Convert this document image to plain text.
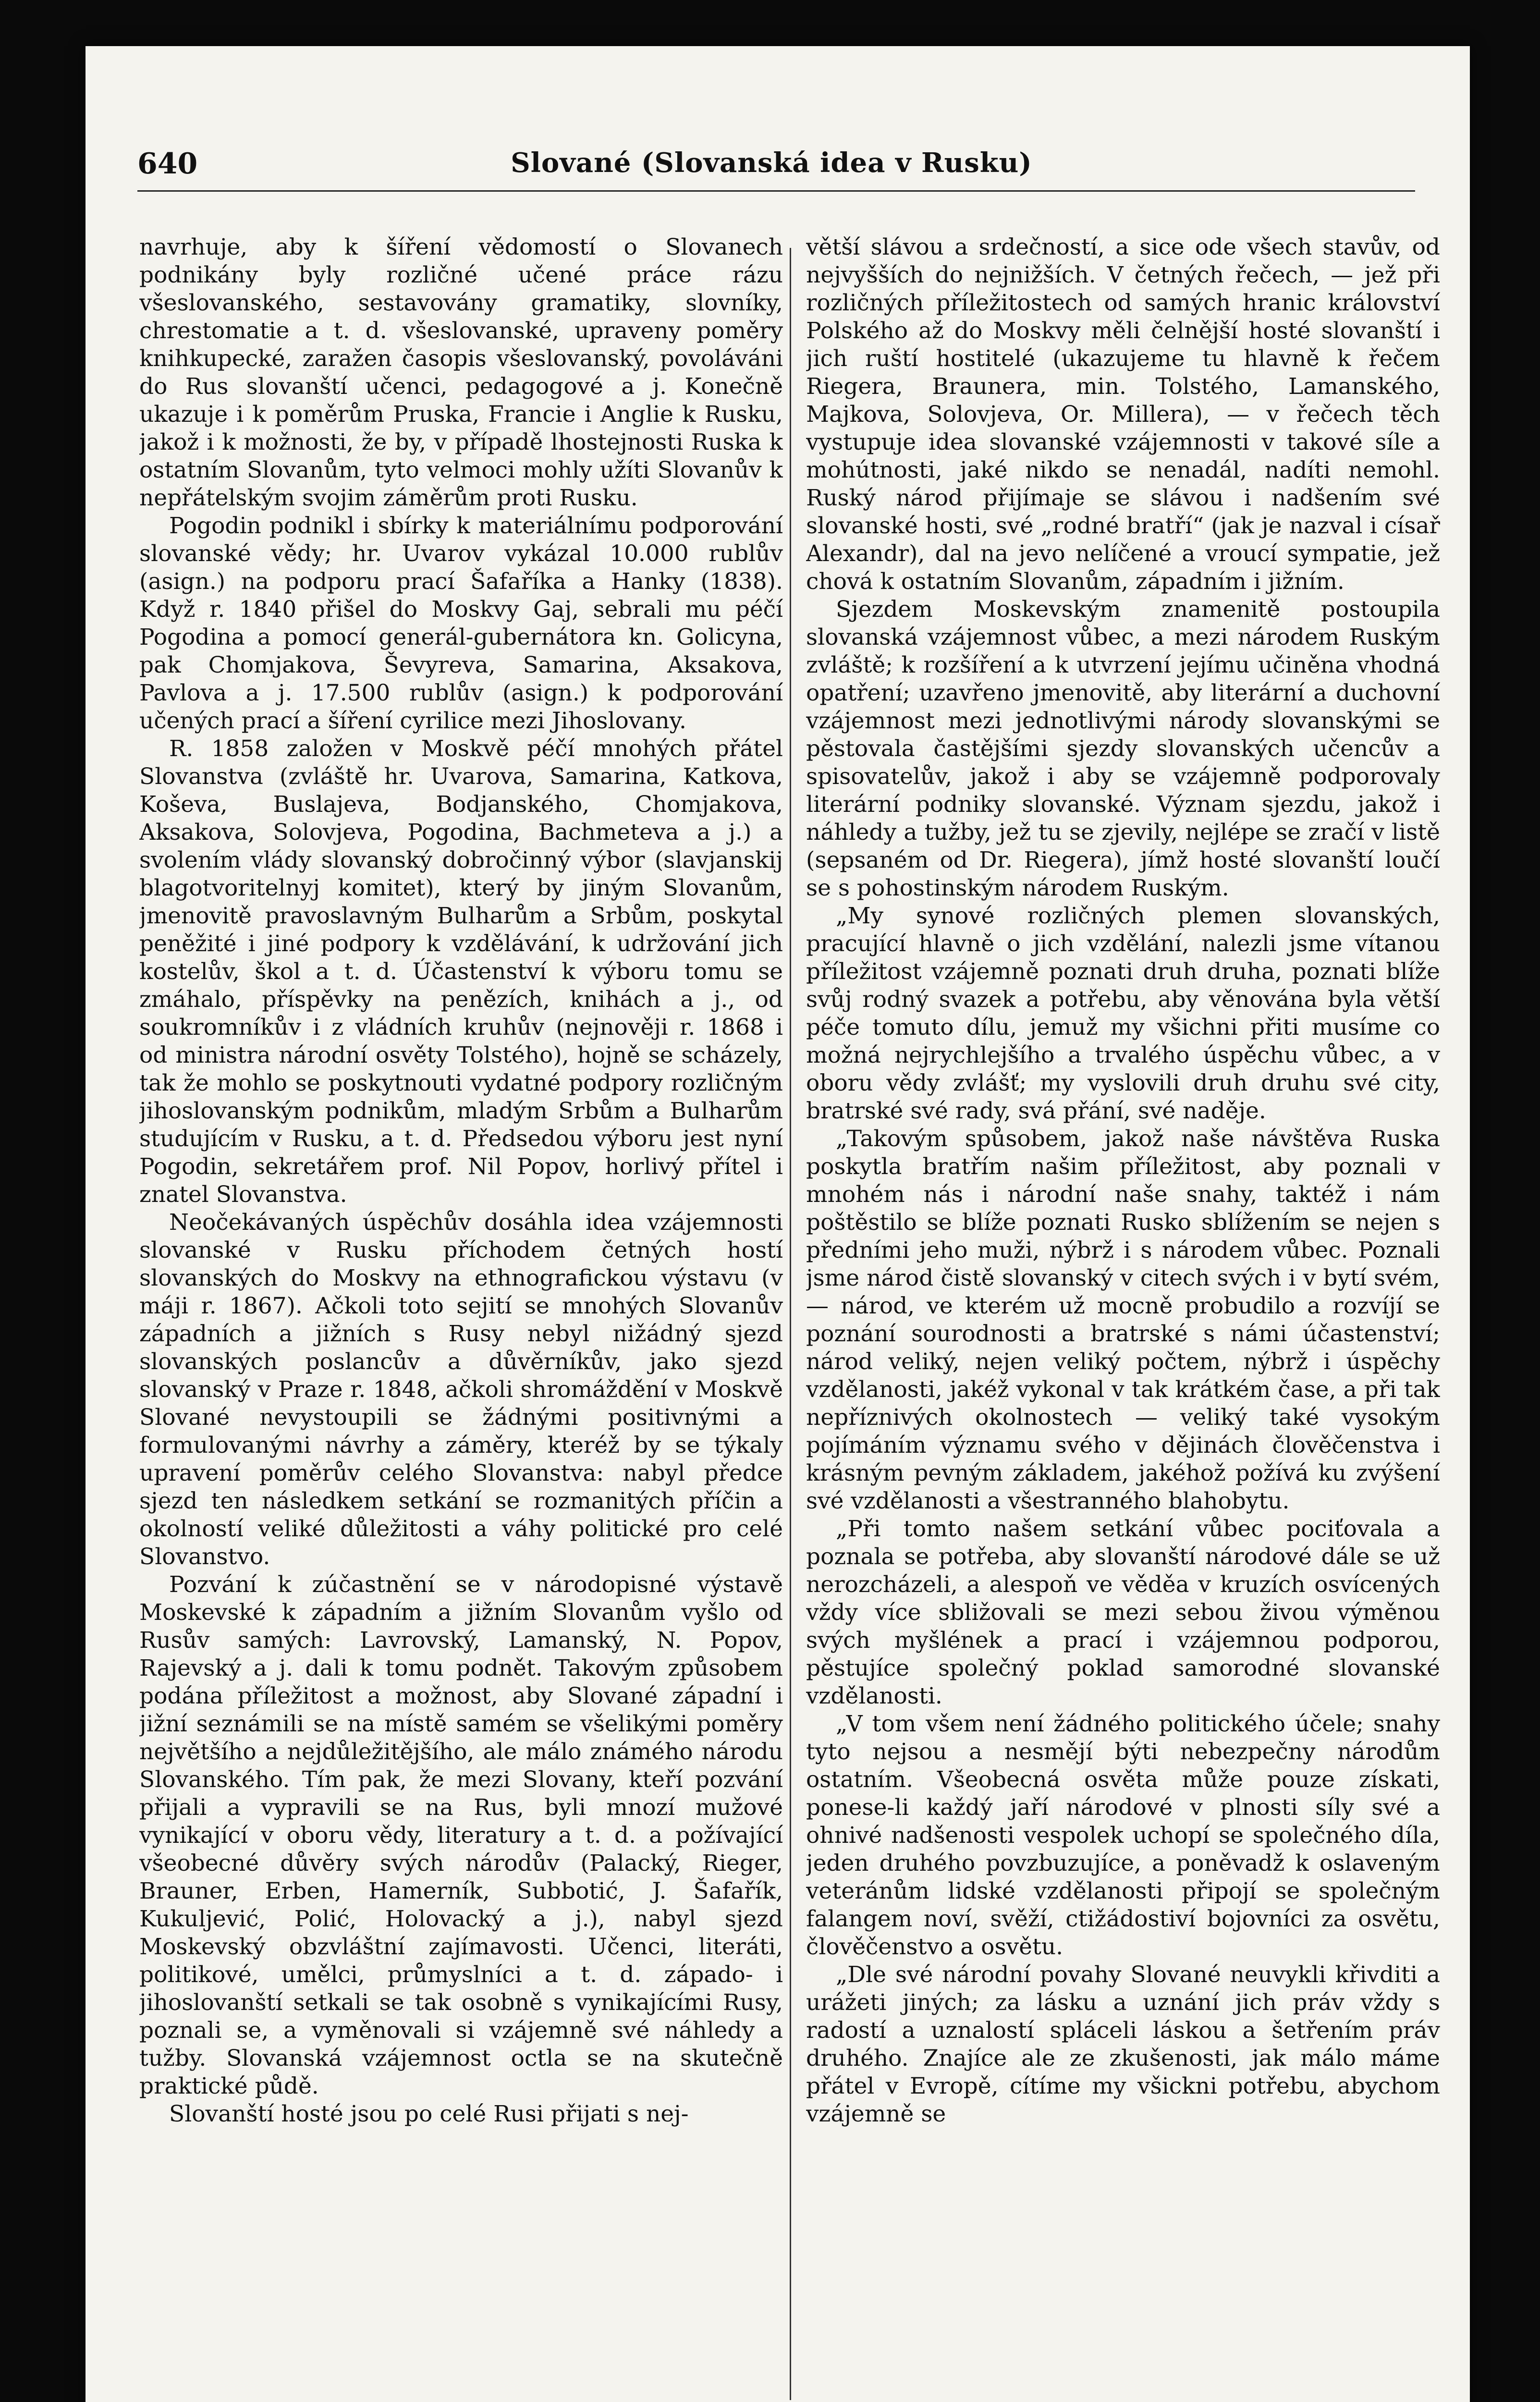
640	Slované (Slovanská idea v Rusku)

navrhuje, aby k šíření vědomostí o Slovanech podnikány byly rozličné učené práce rázu všeslovanského, sestavovány gramatiky, slovníky, chrestomatie a t. d. všeslovanské, upraveny poměry knihkupecké, zaražen časopis všeslovanský, povoláváni do Rus slovanští učenci, pedagogové a j. Konečně ukazuje i k poměrům Pruska, Francie i Anglie k Rusku, jakož i k možnosti, že by, v případě lhostejnosti Ruska k ostatním Slovanům, tyto velmoci mohly užíti Slovanův k nepřátelským svojim záměrům proti Rusku.

Pogodin podnikl i sbírky k materiálnímu podporování slovanské vědy; hr. Uvarov vykázal 10.000 rublův (asign.) na podporu prací Šafaříka a Hanky (1838). Když r. 1840 přišel do Moskvy Gaj, sebrali mu péčí Pogodina a pomocí generál-gubernátora kn. Golicyna, pak Chomjakova, Ševyreva, Samarina, Aksakova, Pavlova a j. 17.500 rublův (asign.) k podporování učených prací a šíření cyrilice mezi Jihoslovany.

R. 1858 založen v Moskvě péčí mnohých přátel Slovanstva (zvláště hr. Uvarova, Samarina, Katkova, Koševa, Buslajeva, Bodjanského, Chomjakova, Aksakova, Solovjeva, Pogodina, Bachmeteva a j.) a svolením vlády slovanský dobročinný výbor (slavjanskij blagotvoritelnyj komitet), který by jiným Slovanům, jmenovitě pravoslavným Bulharům a Srbům, poskytal peněžité i jiné podpory k vzdělávání, k udržování jich kostelův, škol a t. d. Účastenství k výboru tomu se zmáhalo, příspěvky na penězích, knihách a j., od soukromníkův i z vládních kruhův (nejnověji r. 1868 i od ministra národní osvěty Tolstého), hojně se scházely, tak že mohlo se poskytnouti vydatné podpory rozličným jihoslovanským podnikům, mladým Srbům a Bulharům studujícím v Rusku, a t. d. Předsedou výboru jest nyní Pogodin, sekretářem prof. Nil Popov, horlivý přítel i znatel Slovanstva.

Neočekávaných úspěchův dosáhla idea vzájemnosti slovanské v Rusku příchodem četných hostí slovanských do Moskvy na ethnografickou výstavu (v máji r. 1867). Ačkoli toto sejití se mnohých Slovanův západních a jižních s Rusy nebyl nižádný sjezd slovanských poslancův a důvěrníkův, jako sjezd slovanský v Praze r. 1848, ačkoli shromáždění v Moskvě Slované nevystoupili se žádnými positivnými a formulovanými návrhy a záměry, kteréž by se týkaly upravení poměrův celého Slovanstva: nabyl předce sjezd ten následkem setkání se rozmanitých příčin a okolností veliké důležitosti a váhy politické pro celé Slovanstvo.

Pozvání k zúčastnění se v národopisné výstavě Moskevské k západním a jižním Slovanům vyšlo od Rusův samých: Lavrovský, Lamanský, N. Popov, Rajevský a j. dali k tomu podnět. Takovým způsobem podána příležitost a možnost, aby Slované západní i jižní seznámili se na místě samém se všelikými poměry největšího a nejdůležitějšího, ale málo známého národu Slovanského. Tím pak, že mezi Slovany, kteří pozvání přijali a vypravili se na Rus, byli mnozí mužové vynikající v oboru vědy, literatury a t. d. a požívající všeobecné důvěry svých národův (Palacký, Rieger, Brauner, Erben, Hamerník, Subbotić, J. Šafařík, Kukuljević, Polić, Holovacký a j.), nabyl sjezd Moskevský obzvláštní zajímavosti. Učenci, literáti, politikové, umělci, průmyslníci a t. d. západo- i jihoslovanští setkali se tak osobně s vynikajícími Rusy, poznali se, a vyměnovali si vzájemně své náhledy a tužby. Slovanská vzájemnost octla se na skutečně praktické půdě.

Slovanští hosté jsou po celé Rusi přijati s nej-

větší slávou a srdečností, a sice ode všech stavův, od nejvyšších do nejnižších. V četných řečech, — jež při rozličných příležitostech od samých hranic království Polského až do Moskvy měli čelnější hosté slovanští i jich ruští hostitelé (ukazujeme tu hlavně k řečem Riegera, Braunera, min. Tolstého, Lamanského, Majkova, Solovjeva, Or. Millera), — v řečech těch vystupuje idea slovanské vzájemnosti v takové síle a mohútnosti, jaké nikdo se nenadál, nadíti nemohl. Ruský národ přijímaje se slávou i nadšením své slovanské hosti, své „rodné bratří“ (jak je nazval i císař Alexandr), dal na jevo nelíčené a vroucí sympatie, jež chová k ostatním Slovanům, západním i jižním.

Sjezdem Moskevským znamenitě postoupila slovanská vzájemnost vůbec, a mezi národem Ruským zvláště; k rozšíření a k utvrzení jejímu učiněna vhodná opatření; uzavřeno jmenovitě, aby literární a duchovní vzájemnost mezi jednotlivými národy slovanskými se pěstovala častějšími sjezdy slovanských učencův a spisovatelův, jakož i aby se vzájemně podporovaly literární podniky slovanské. Význam sjezdu, jakož i náhledy a tužby, jež tu se zjevily, nejlépe se zračí v listě (sepsaném od Dr. Riegera), jímž hosté slovanští loučí se s pohostinským národem Ruským.

„My synové rozličných plemen slovanských, pracující hlavně o jich vzdělání, nalezli jsme vítanou příležitost vzájemně poznati druh druha, poznati blíže svůj rodný svazek a potřebu, aby věnována byla větší péče tomuto dílu, jemuž my všichni přiti musíme co možná nejrychlejšího a trvalého úspěchu vůbec, a v oboru vědy zvlášť; my vyslovili druh druhu své city, bratrské své rady, svá přání, své naděje.

„Takovým spůsobem, jakož naše návštěva Ruska poskytla bratřím našim příležitost, aby poznali v mnohém nás i národní naše snahy, taktéž i nám poštěstilo se blíže poznati Rusko sblížením se nejen s předními jeho muži, nýbrž i s národem vůbec. Poznali jsme národ čistě slovanský v citech svých i v bytí svém, — národ, ve kterém už mocně probudilo a rozvíjí se poznání sourodnosti a bratrské s námi účastenství; národ veliký, nejen veliký počtem, nýbrž i úspěchy vzdělanosti, jakéž vykonal v tak krátkém čase, a při tak nepříznivých okolnostech — veliký také vysokým pojímáním významu svého v dějinách člověčenstva i krásným pevným základem, jakéhož požívá ku zvýšení své vzdělanosti a všestranného blahobytu.

„Při tomto našem setkání vůbec pociťovala a poznala se potřeba, aby slovanští národové dále se už nerozcházeli, a alespoň ve věděa v kruzích osvícených vždy více sbližovali se mezi sebou živou výměnou svých myšlének a prací i vzájemnou podporou, pěstujíce společný poklad samorodné slovanské vzdělanosti.

„V tom všem není žádného politického účele; snahy tyto nejsou a nesmějí býti nebezpečny národům ostatním. Všeobecná osvěta může pouze získati, ponese-li každý jaří národové v plnosti síly své a ohnivé nadšenosti vespolek uchopí se společného díla, jeden druhého povzbuzujíce, a poněvadž k oslaveným veteránům lidské vzdělanosti připojí se společným falangem noví, svěží, ctižádostiví bojovníci za osvětu, člověčenstvo a osvětu.

„Dle své národní povahy Slované neuvykli křivditi a urážeti jiných; za lásku a uznání jich práv vždy s radostí a uznalostí spláceli láskou a šetřením práv druhého. Znajíce ale ze zkušenosti, jak málo máme přátel v Evropě, cítíme my všickni potřebu, abychom vzájemně se
